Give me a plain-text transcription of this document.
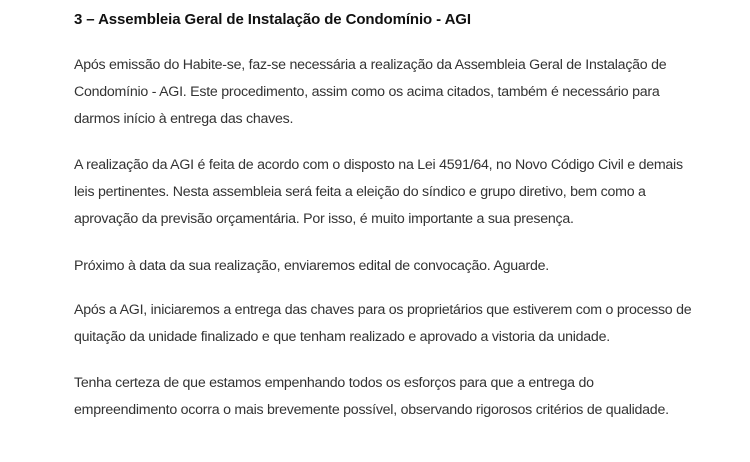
3 – Assembleia Geral de Instalação de Condomínio - AGI

Após emissão do Habite-se, faz-se necessária a realização da Assembleia Geral de Instalação de
Condomínio - AGI. Este procedimento, assim como os acima citados, também é necessário para
darmos início à entrega das chaves.

A realização da AGI é feita de acordo com o disposto na Lei 4591/64, no Novo Código Civil e demais
leis pertinentes. Nesta assembleia será feita a eleição do síndico e grupo diretivo, bem como a
aprovação da previsão orçamentária. Por isso, é muito importante a sua presença.

Próximo à data da sua realização, enviaremos edital de convocação. Aguarde.

Após a AGI, iniciaremos a entrega das chaves para os proprietários que estiverem com o processo de
quitação da unidade finalizado e que tenham realizado e aprovado a vistoria da unidade.

Tenha certeza de que estamos empenhando todos os esforços para que a entrega do
empreendimento ocorra o mais brevemente possível, observando rigorosos critérios de qualidade.
